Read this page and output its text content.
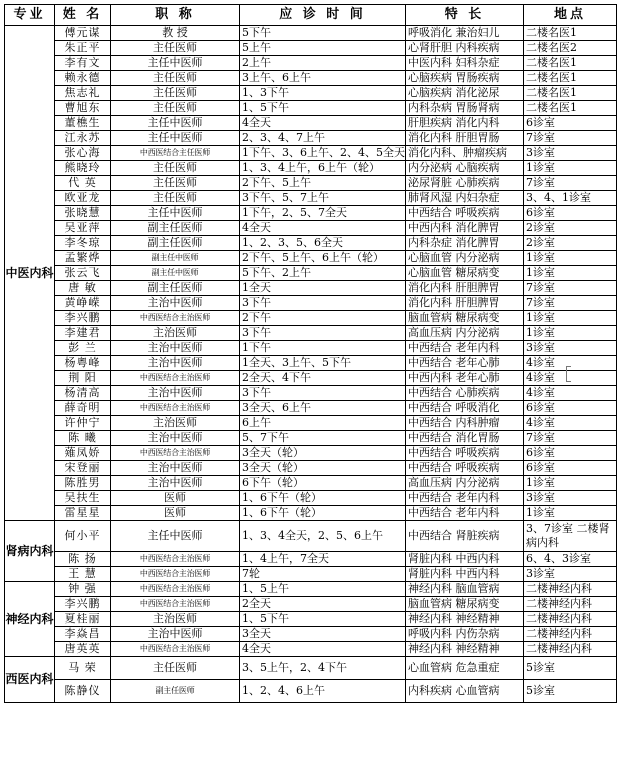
专业	姓 名	职 称	应 诊 时 间	特 长	地点
中医内科	傅元谋	教 授	5下午	呼吸消化 兼治妇儿	二楼名医1
	朱正平	主任医师	5上午	心肾肝胆 内科疾病	二楼名医2
	李有文	主任中医师	2上午	中医内科 妇科杂症	二楼名医1
	赖永德	主任医师	3上午、6上午	心脑疾病 胃肠疾病	二楼名医1
	焦志礼	主任医师	1、3下午	心脑疾病 消化泌尿	二楼名医1
	曹旭东	主任医师	1、5下午	内科杂病 胃肠肾病	二楼名医1
	董樵生	主任中医师	4全天	肝胆疾病 消化内科	6诊室
	江永苏	主任中医师	2、3、4、7上午	消化内科 肝胆胃肠	7诊室
	张心海	中西医结合主任医师	1下午、3、6上午、2、4、5全天	消化内科、肿瘤疾病	3诊室
	熊晓玲	主任医师	1、3、4上午，6上午（轮）	内分泌病 心脑疾病	1诊室
	代 英	主任医师	2下午、5上午	泌尿肾脏 心肺疾病	7诊室
	欧亚龙	主任医师	3下午、5、7上午	肺肾风湿 内妇杂症	3、4、1诊室
	张晓慧	主任中医师	1下午，2、5、7全天	中西结合 呼吸疾病	6诊室
	吴亚萍	副主任医师	4全天	中西内科 消化脾胃	2诊室
	李冬琼	副主任医师	1、2、3、5、6全天	内科杂症 消化脾胃	2诊室
	孟繁烨	副主任中医师	2下午、5上午、6上午（轮）	心脑血管 内分泌病	1诊室
	张云飞	副主任中医师	5下午、2上午	心脑血管 糖尿病变	1诊室
	唐 敏	副主任医师	1全天	消化内科 肝胆脾胃	7诊室
	黄峥嵘	主治中医师	3下午	消化内科 肝胆脾胃	7诊室
	李兴鹏	中西医结合主治医师	2下午	脑血管病 糖尿病变	1诊室
	李建君	主治医师	3下午	高血压病 内分泌病	1诊室
	彭 兰	主治中医师	1下午	中西结合 老年内科	3诊室
	杨粤峰	主治中医师	1全天、3上午、5下午	中西结合 老年心肺	4诊室
	荆 阳	中西医结合主治医师	2全天、4下午	中西内科 老年心肺	4诊室
	杨清高	主治中医师	3下午	中西结合 心肺疾病	4诊室
	薛奇明	中西医结合主治医师	3全天、6上午	中西结合 呼吸消化	6诊室
	许仲宁	主治医师	6上午	中西结合 内科肿瘤	4诊室
	陈 曦	主治中医师	5、7下午	中西结合 消化胃肠	7诊室
	薙凤娇	中西医结合主治医师	3全天（轮）	中西结合 呼吸疾病	6诊室
	宋登丽	主治中医师	3全天（轮）	中西结合 呼吸疾病	6诊室
	陈胜男	主治中医师	6下午（轮）	高血压病 内分泌病	1诊室
	吴扶生	医师	1、6下午（轮）	中西结合 老年内科	3诊室
	雷星星	医师	1、6下午（轮）	中西结合 老年内科	1诊室
肾病内科	何小平	主任中医师	1、3、4全天，2、5、6上午	中西结合 肾脏疾病	3、7诊室 二楼肾病内科
	陈 扬	中西医结合主治医师	1、4上午，7全天	肾脏内科 中西内科	6、4、3诊室
	王 慧	中西医结合主治医师	7轮	肾脏内科 中西内科	3诊室
神经内科	钟 强	中西医结合主治医师	1、5上午	神经内科 脑血管病	二楼神经内科
	李兴鹏	中西医结合主治医师	2全天	脑血管病 糖尿病变	二楼神经内科
	夏桂丽	主治医师	1、5下午	神经内科 神经精神	二楼神经内科
	李焱昌	主治中医师	3全天	呼吸内科 内伤杂病	二楼神经内科
	唐英英	中西医结合主治医师	4全天	神经内科 神经精神	二楼神经内科
西医内科	马 荣	主任医师	3、5上午，2、4下午	心血管病 危急重症	5诊室
	陈静仪	副主任医师	1、2、4、6上午	内科疾病 心血管病	5诊室
